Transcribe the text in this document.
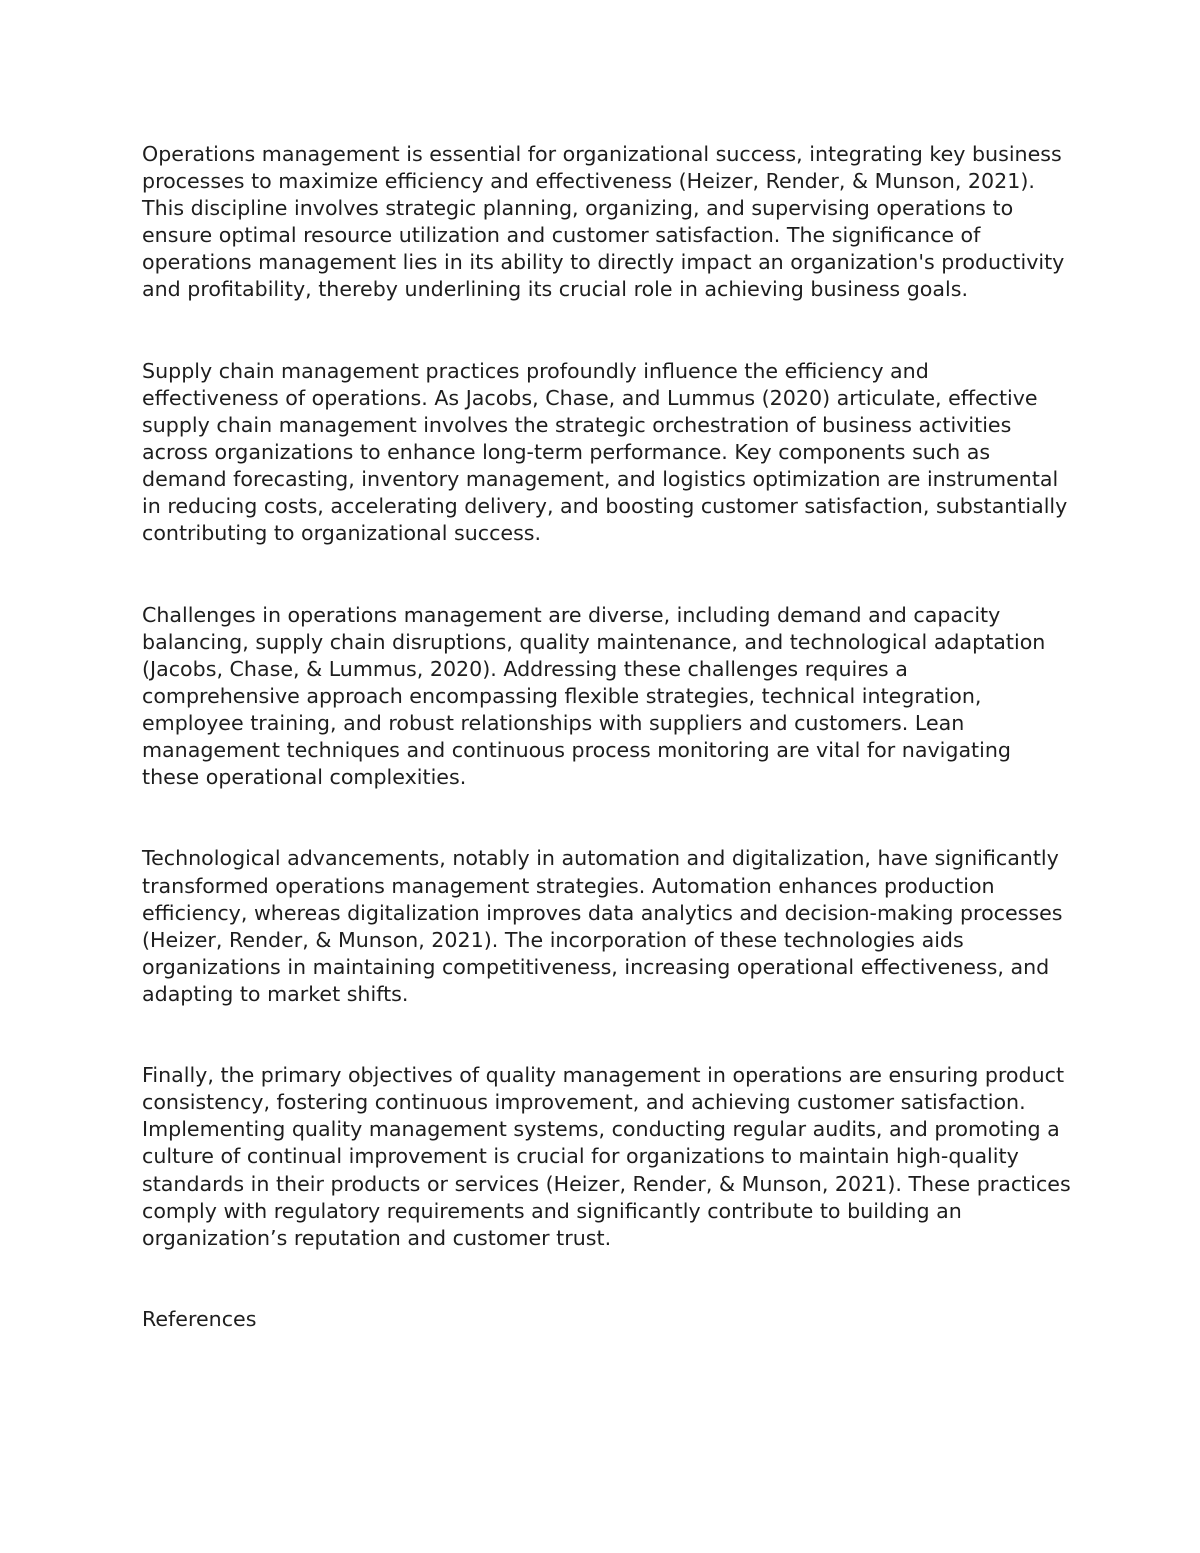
Operations management is essential for organizational success, integrating key business processes to maximize efficiency and effectiveness (Heizer, Render, & Munson, 2021). This discipline involves strategic planning, organizing, and supervising operations to ensure optimal resource utilization and customer satisfaction. The significance of operations management lies in its ability to directly impact an organization's productivity and profitability, thereby underlining its crucial role in achieving business goals.

Supply chain management practices profoundly influence the efficiency and effectiveness of operations. As Jacobs, Chase, and Lummus (2020) articulate, effective supply chain management involves the strategic orchestration of business activities across organizations to enhance long-term performance. Key components such as demand forecasting, inventory management, and logistics optimization are instrumental in reducing costs, accelerating delivery, and boosting customer satisfaction, substantially contributing to organizational success.

Challenges in operations management are diverse, including demand and capacity balancing, supply chain disruptions, quality maintenance, and technological adaptation (Jacobs, Chase, & Lummus, 2020). Addressing these challenges requires a comprehensive approach encompassing flexible strategies, technical integration, employee training, and robust relationships with suppliers and customers. Lean management techniques and continuous process monitoring are vital for navigating these operational complexities.

Technological advancements, notably in automation and digitalization, have significantly transformed operations management strategies. Automation enhances production efficiency, whereas digitalization improves data analytics and decision-making processes (Heizer, Render, & Munson, 2021). The incorporation of these technologies aids organizations in maintaining competitiveness, increasing operational effectiveness, and adapting to market shifts.

Finally, the primary objectives of quality management in operations are ensuring product consistency, fostering continuous improvement, and achieving customer satisfaction. Implementing quality management systems, conducting regular audits, and promoting a culture of continual improvement is crucial for organizations to maintain high-quality standards in their products or services (Heizer, Render, & Munson, 2021). These practices comply with regulatory requirements and significantly contribute to building an organization’s reputation and customer trust.

References
